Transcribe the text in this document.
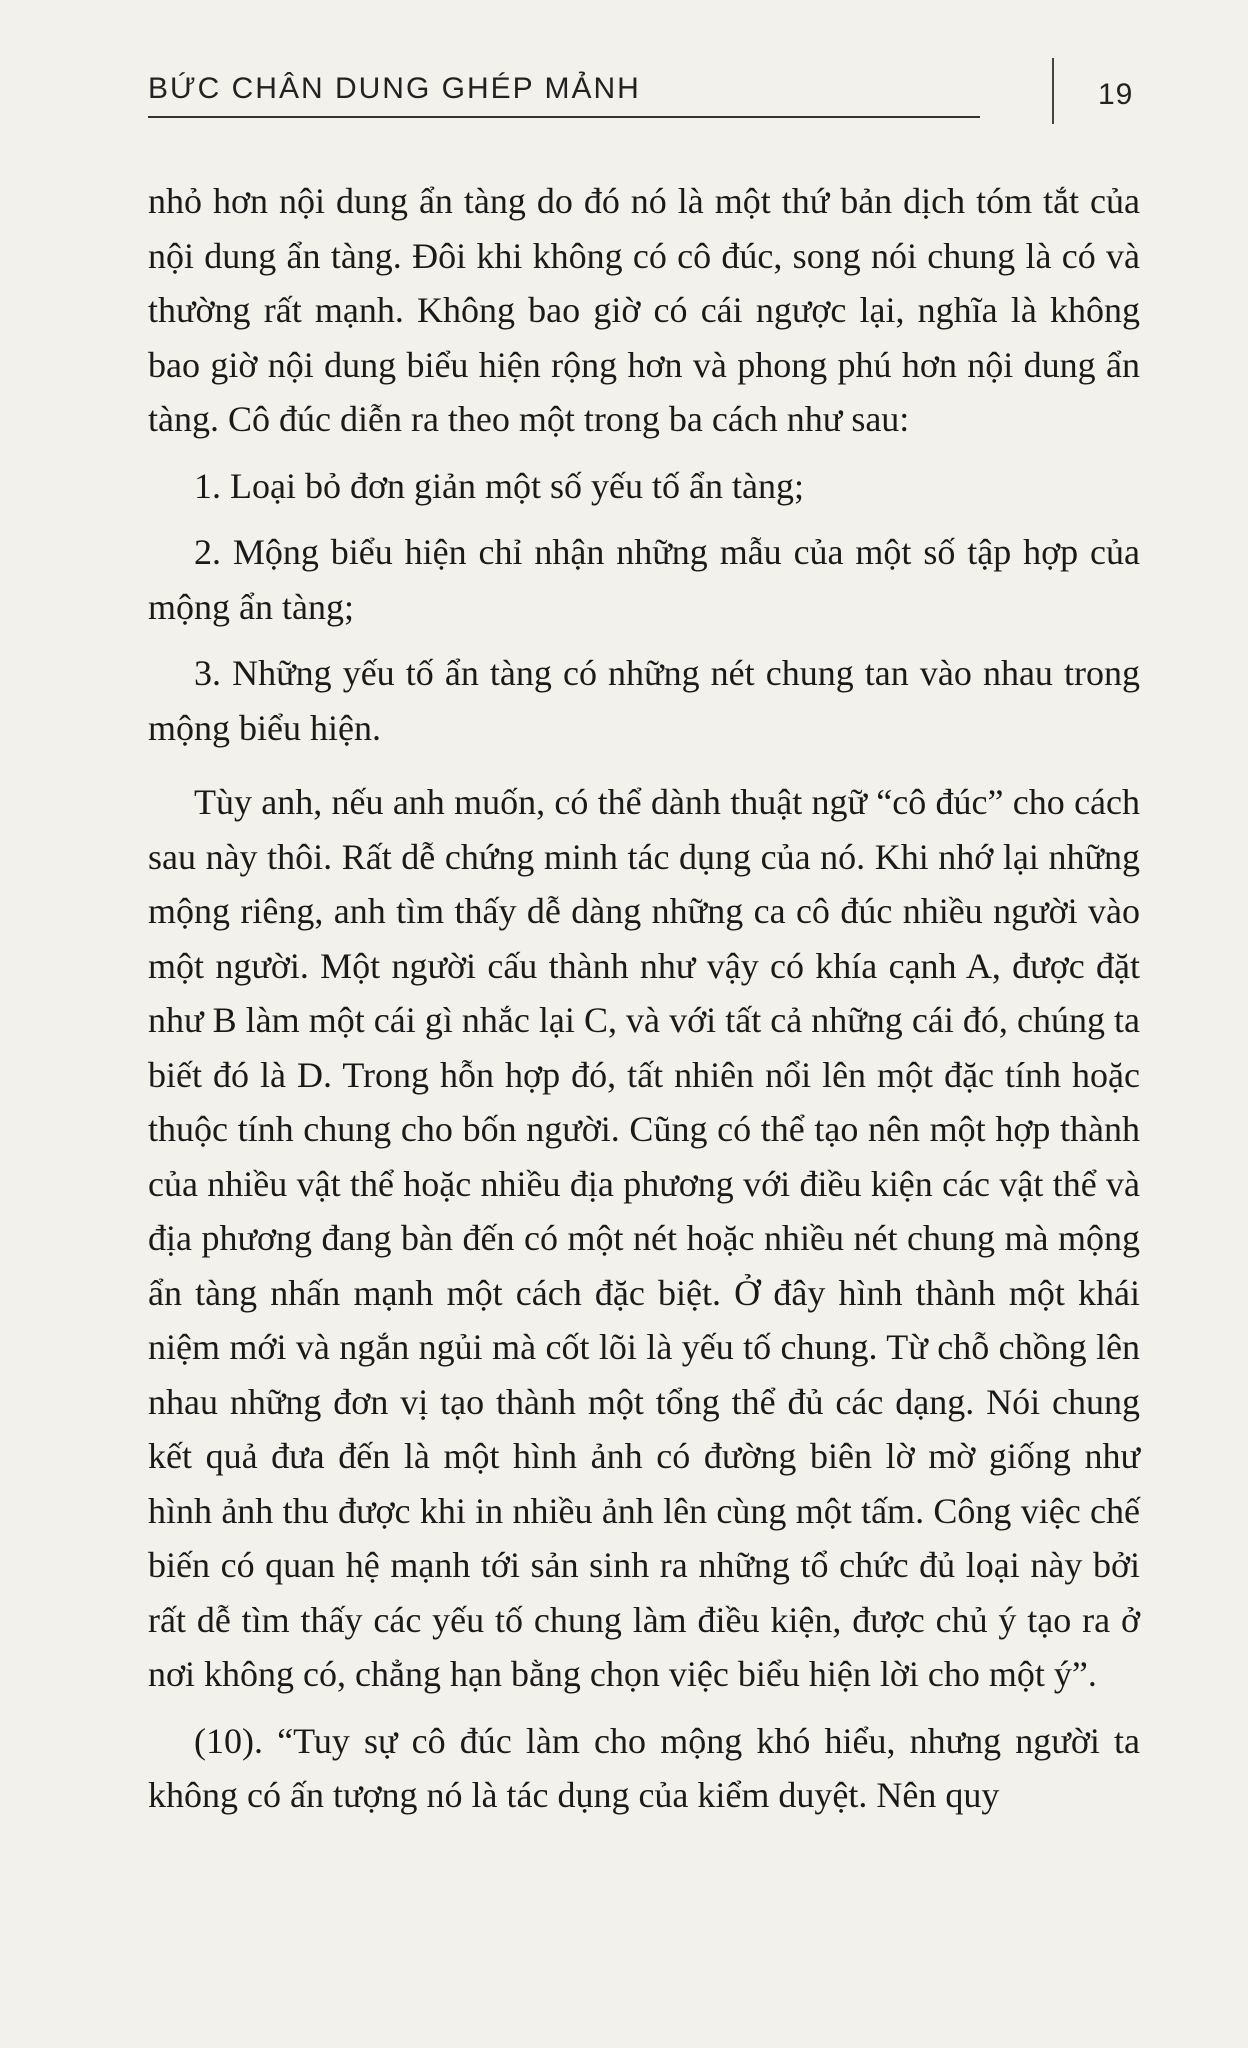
BỨC CHÂN DUNG GHÉP MẢNH	19

nhỏ hơn nội dung ẩn tàng do đó nó là một thứ bản dịch tóm tắt của nội dung ẩn tàng. Đôi khi không có cô đúc, song nói chung là có và thường rất mạnh. Không bao giờ có cái ngược lại, nghĩa là không bao giờ nội dung biểu hiện rộng hơn và phong phú hơn nội dung ẩn tàng. Cô đúc diễn ra theo một trong ba cách như sau:

1. Loại bỏ đơn giản một số yếu tố ẩn tàng;

2. Mộng biểu hiện chỉ nhận những mẫu của một số tập hợp của mộng ẩn tàng;

3. Những yếu tố ẩn tàng có những nét chung tan vào nhau trong mộng biểu hiện.

Tùy anh, nếu anh muốn, có thể dành thuật ngữ “cô đúc” cho cách sau này thôi. Rất dễ chứng minh tác dụng của nó. Khi nhớ lại những mộng riêng, anh tìm thấy dễ dàng những ca cô đúc nhiều người vào một người. Một người cấu thành như vậy có khía cạnh A, được đặt như B làm một cái gì nhắc lại C, và với tất cả những cái đó, chúng ta biết đó là D. Trong hỗn hợp đó, tất nhiên nổi lên một đặc tính hoặc thuộc tính chung cho bốn người. Cũng có thể tạo nên một hợp thành của nhiều vật thể hoặc nhiều địa phương với điều kiện các vật thể và địa phương đang bàn đến có một nét hoặc nhiều nét chung mà mộng ẩn tàng nhấn mạnh một cách đặc biệt. Ở đây hình thành một khái niệm mới và ngắn ngủi mà cốt lõi là yếu tố chung. Từ chỗ chồng lên nhau những đơn vị tạo thành một tổng thể đủ các dạng. Nói chung kết quả đưa đến là một hình ảnh có đường biên lờ mờ giống như hình ảnh thu được khi in nhiều ảnh lên cùng một tấm. Công việc chế biến có quan hệ mạnh tới sản sinh ra những tổ chức đủ loại này bởi rất dễ tìm thấy các yếu tố chung làm điều kiện, được chủ ý tạo ra ở nơi không có, chẳng hạn bằng chọn việc biểu hiện lời cho một ý”.

(10). “Tuy sự cô đúc làm cho mộng khó hiểu, nhưng người ta không có ấn tượng nó là tác dụng của kiểm duyệt. Nên quy
